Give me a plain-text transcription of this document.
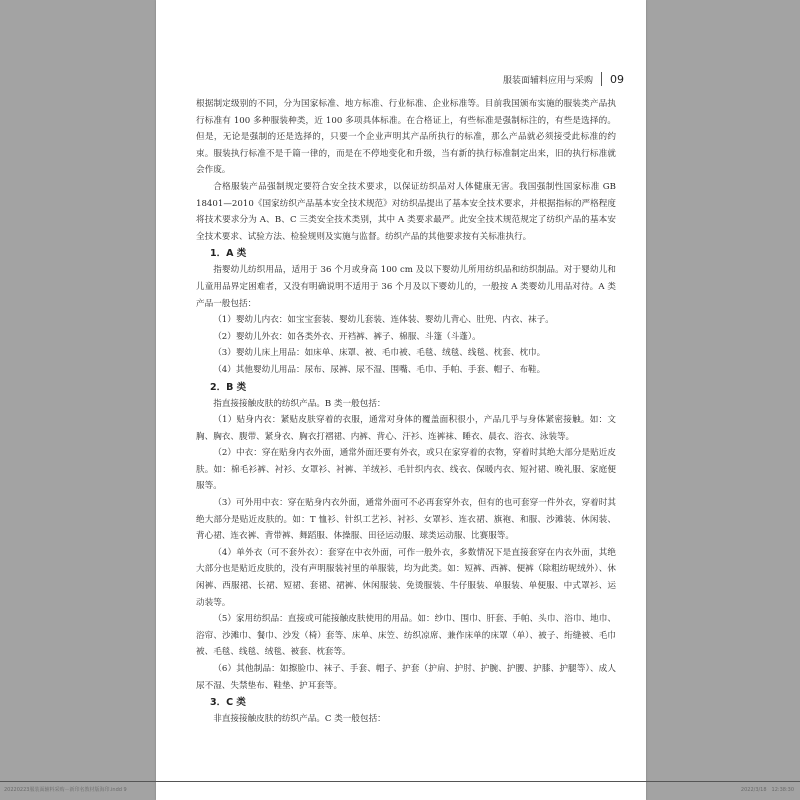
服装面辅料应用与采购 09

根据制定级别的不同，分为国家标准、地方标准、行业标准、企业标准等。目前我国颁布实施的服装类产品执行标准有 100 多种服装种类，近 100 多项具体标准。在合格证上，有些标准是强制标注的，有些是选择的。但是，无论是强制的还是选择的，只要一个企业声明其产品所执行的标准，那么产品就必须接受此标准的约束。服装执行标准不是千篇一律的，而是在不停地变化和升级，当有新的执行标准制定出来，旧的执行标准就会作废。

合格服装产品强制规定要符合安全技术要求，以保证纺织品对人体健康无害。我国强制性国家标准 GB 18401—2010《国家纺织产品基本安全技术规范》对纺织品提出了基本安全技术要求，并根据指标的严格程度将技术要求分为 A、B、C 三类安全技术类别，其中 A 类要求最严。此安全技术规范规定了纺织产品的基本安全技术要求、试验方法、检验规则及实施与监督。纺织产品的其他要求按有关标准执行。

1．A 类

指婴幼儿纺织用品，适用于 36 个月或身高 100 cm 及以下婴幼儿所用纺织品和纺织制品。对于婴幼儿和儿童用品界定困难者，又没有明确说明不适用于 36 个月及以下婴幼儿的，一般按 A 类婴幼儿用品对待。A 类产品一般包括：

（1）婴幼儿内衣：如宝宝套装、婴幼儿套装、连体装、婴幼儿背心、肚兜、内衣、袜子。

（2）婴幼儿外衣：如各类外衣、开裆裤、裤子、棉服、斗篷（斗蓬）。

（3）婴幼儿床上用品：如床单、床罩、被、毛巾被、毛毯、绒毯、线毯、枕套、枕巾。

（4）其他婴幼儿用品：尿布、尿裤、尿不湿、围嘴、毛巾、手帕、手套、帽子、布鞋。

2．B 类

指直接接触皮肤的纺织产品。B 类一般包括：

（1）贴身内衣：紧贴皮肤穿着的衣服，通常对身体的覆盖面积很小，产品几乎与身体紧密接触。如：文胸、胸衣、腹带、紧身衣、胸衣打褶裙、内裤、背心、汗衫、连裤袜、睡衣、晨衣、浴衣、泳装等。

（2）中衣：穿在贴身内衣外面，通常外面还要有外衣，或只在家穿着的衣物，穿着时其绝大部分是贴近皮肤。如：棉毛衫裤、衬衫、女罩衫、衬裤、羊绒衫、毛针织内衣、线衣、保暖内衣、短衬裙、晚礼服、家庭便服等。

（3）可外用中衣：穿在贴身内衣外面，通常外面可不必再套穿外衣，但有的也可套穿一件外衣，穿着时其绝大部分是贴近皮肤的。如：T 恤衫、针织工艺衫、衬衫、女罩衫、连衣裙、旗袍、和服、沙滩装、休闲装、背心裙、连衣裤、背带裤、舞蹈服、体操服、田径运动服、球类运动服、比赛服等。

（4）单外衣（可不套外衣）：套穿在中衣外面，可作一般外衣，多数情况下是直接套穿在内衣外面，其绝大部分也是贴近皮肤的，没有声明服装衬里的单服装，均为此类。如：短裤、西裤、便裤（除粗纺呢绒外）、休闲裤、西服裙、长裙、短裙、套裙、裙裤、休闲服装、免烫服装、牛仔服装、单服装、单便服、中式罩衫、运动装等。

（5）家用纺织品：直接或可能接触皮肤使用的用品。如：纱巾、围巾、肝套、手帕、头巾、浴巾、地巾、浴帘、沙滩巾、餐巾、沙发（椅）套等、床单、床笠、纺织凉席、兼作床单的床罩（单）、被子、绗缝被、毛巾被、毛毯、线毯、绒毯、被套、枕套等。

（6）其他制品：如擦脸巾、袜子、手套、帽子、护套（护肩、护肘、护腕、护腰、护膝、护腿等）、成人尿不湿、失禁垫布、鞋垫、护耳套等。

3．C 类

非直接接触皮肤的纺织产品。C 类一般包括：

20220223服装面辅料采购－新印名教材版海印.indd 9	2022/3/18　12:38:30
